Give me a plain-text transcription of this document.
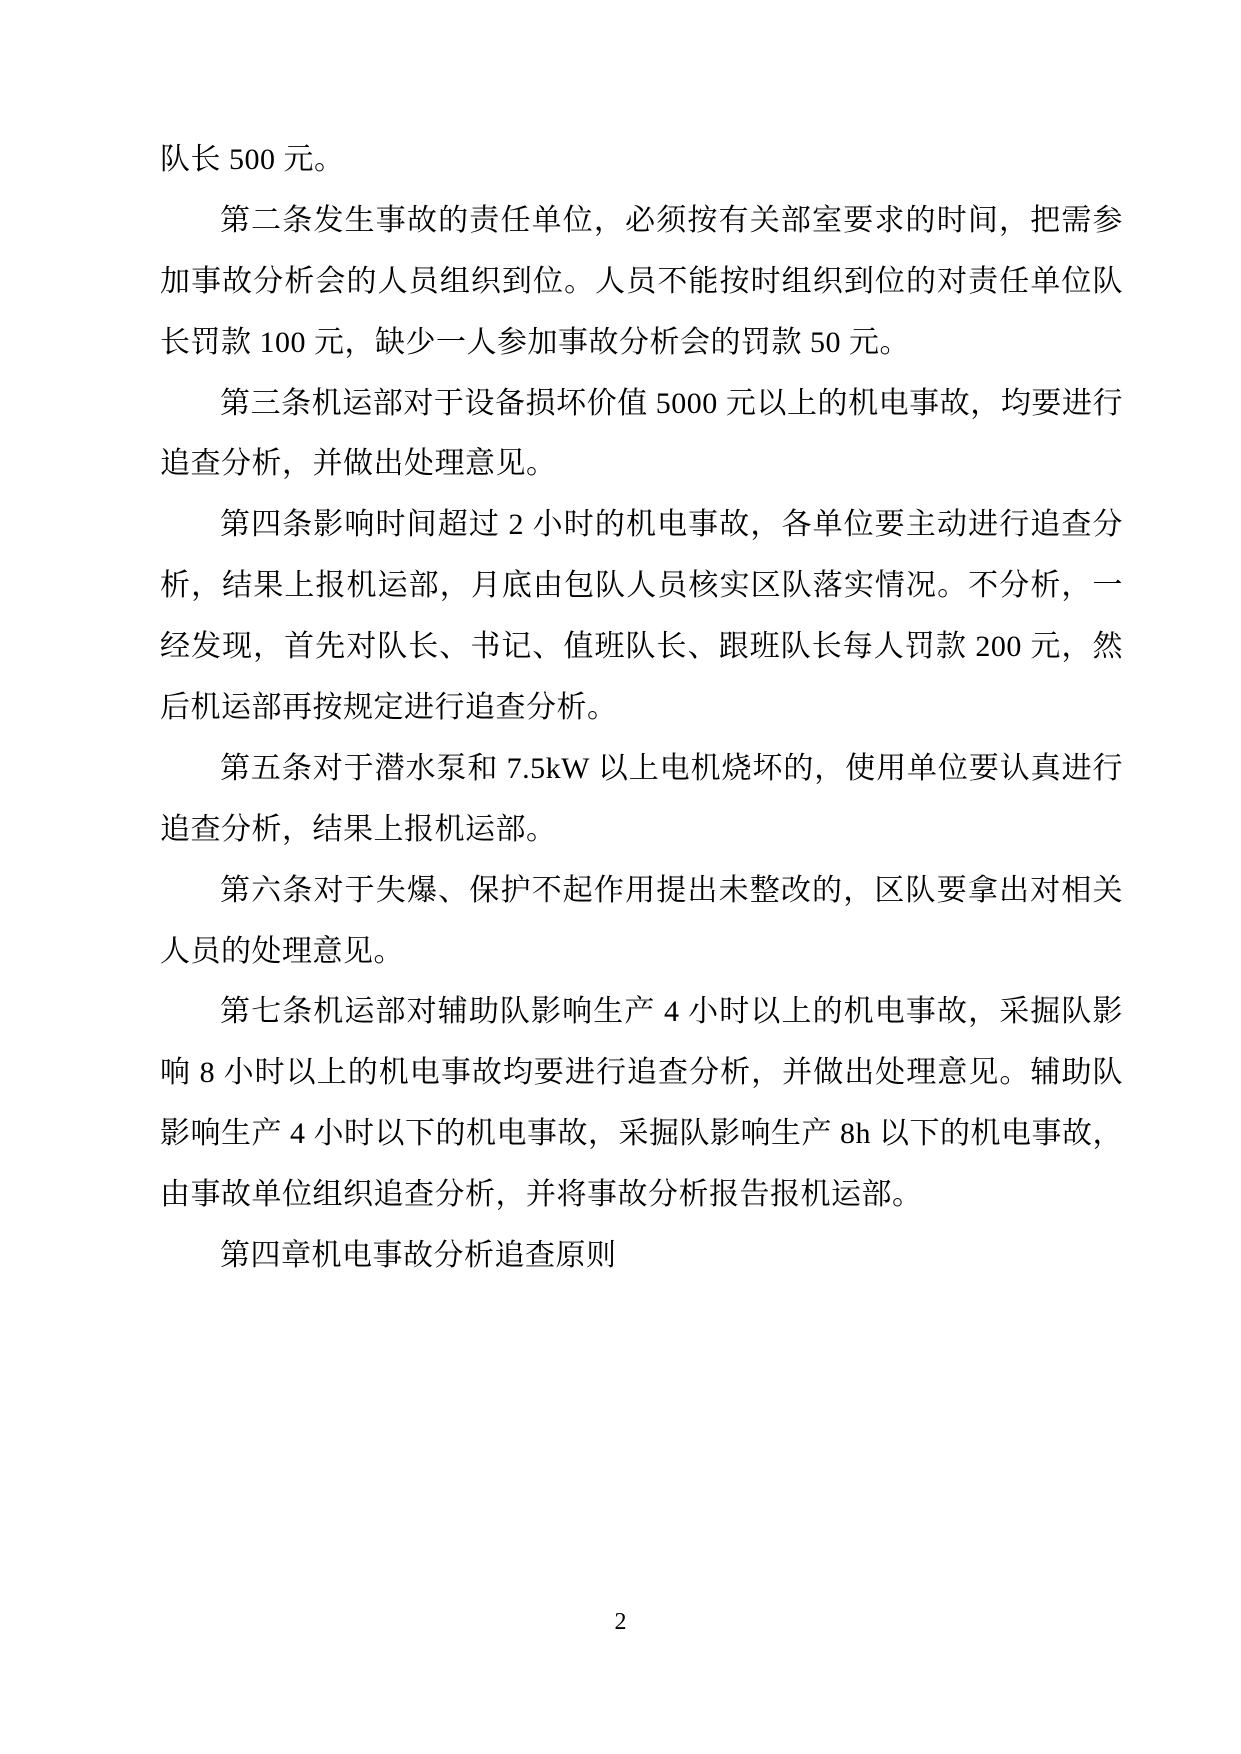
队长 500 元。

第二条发生事故的责任单位，必须按有关部室要求的时间，把需参加事故分析会的人员组织到位。人员不能按时组织到位的对责任单位队长罚款 100 元，缺少一人参加事故分析会的罚款 50 元。

第三条机运部对于设备损坏价值 5000 元以上的机电事故，均要进行追查分析，并做出处理意见。

第四条影响时间超过 2 小时的机电事故，各单位要主动进行追查分析，结果上报机运部，月底由包队人员核实区队落实情况。不分析，一经发现，首先对队长、书记、值班队长、跟班队长每人罚款 200 元，然后机运部再按规定进行追查分析。

第五条对于潜水泵和 7.5kW 以上电机烧坏的，使用单位要认真进行追查分析，结果上报机运部。

第六条对于失爆、保护不起作用提出未整改的，区队要拿出对相关人员的处理意见。

第七条机运部对辅助队影响生产 4 小时以上的机电事故，采掘队影响 8 小时以上的机电事故均要进行追查分析，并做出处理意见。辅助队影响生产 4 小时以下的机电事故，采掘队影响生产 8h 以下的机电事故，由事故单位组织追查分析，并将事故分析报告报机运部。

第四章机电事故分析追查原则

2
